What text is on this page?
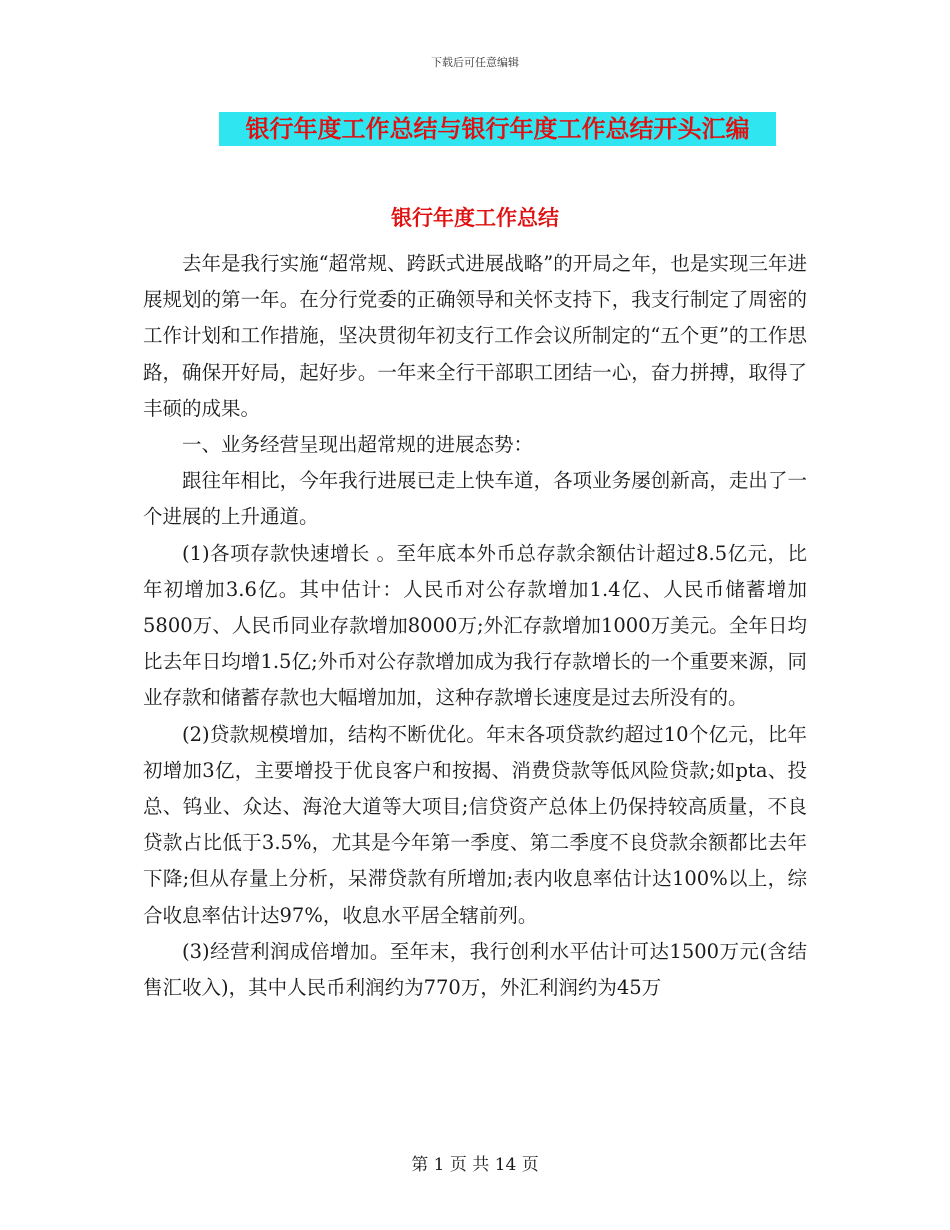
下载后可任意编辑
银行年度工作总结与银行年度工作总结开头汇编
银行年度工作总结

去年是我行实施“超常规、跨跃式进展战略”的开局之年，也是实现三年进展规划的第一年。在分行党委的正确领导和关怀支持下，我支行制定了周密的工作计划和工作措施，坚决贯彻年初支行工作会议所制定的“五个更”的工作思路，确保开好局，起好步。一年来全行干部职工团结一心，奋力拼搏，取得了丰硕的成果。

一、业务经营呈现出超常规的进展态势：

跟往年相比，今年我行进展已走上快车道，各项业务屡创新高，走出了一个进展的上升通道。

(1)各项存款快速增长 。至年底本外币总存款余额估计超过8.5亿元，比年初增加3.6亿。其中估计：人民币对公存款增加1.4亿、人民币储蓄增加5800万、人民币同业存款增加8000万;外汇存款增加1000万美元。全年日均比去年日均增1.5亿;外币对公存款增加成为我行存款增长的一个重要来源，同业存款和储蓄存款也大幅增加加，这种存款增长速度是过去所没有的。

(2)贷款规模增加，结构不断优化。年末各项贷款约超过10个亿元，比年初增加3亿，主要增投于优良客户和按揭、消费贷款等低风险贷款;如pta、投总、钨业、众达、海沧大道等大项目;信贷资产总体上仍保持较高质量，不良贷款占比低于3.5%，尤其是今年第一季度、第二季度不良贷款余额都比去年下降;但从存量上分析，呆滞贷款有所增加;表内收息率估计达100%以上，综合收息率估计达97%，收息水平居全辖前列。

(3)经营利润成倍增加。至年末，我行创利水平估计可达1500万元(含结售汇收入)，其中人民币利润约为770万，外汇利润约为45万

第 1 页 共 14 页
